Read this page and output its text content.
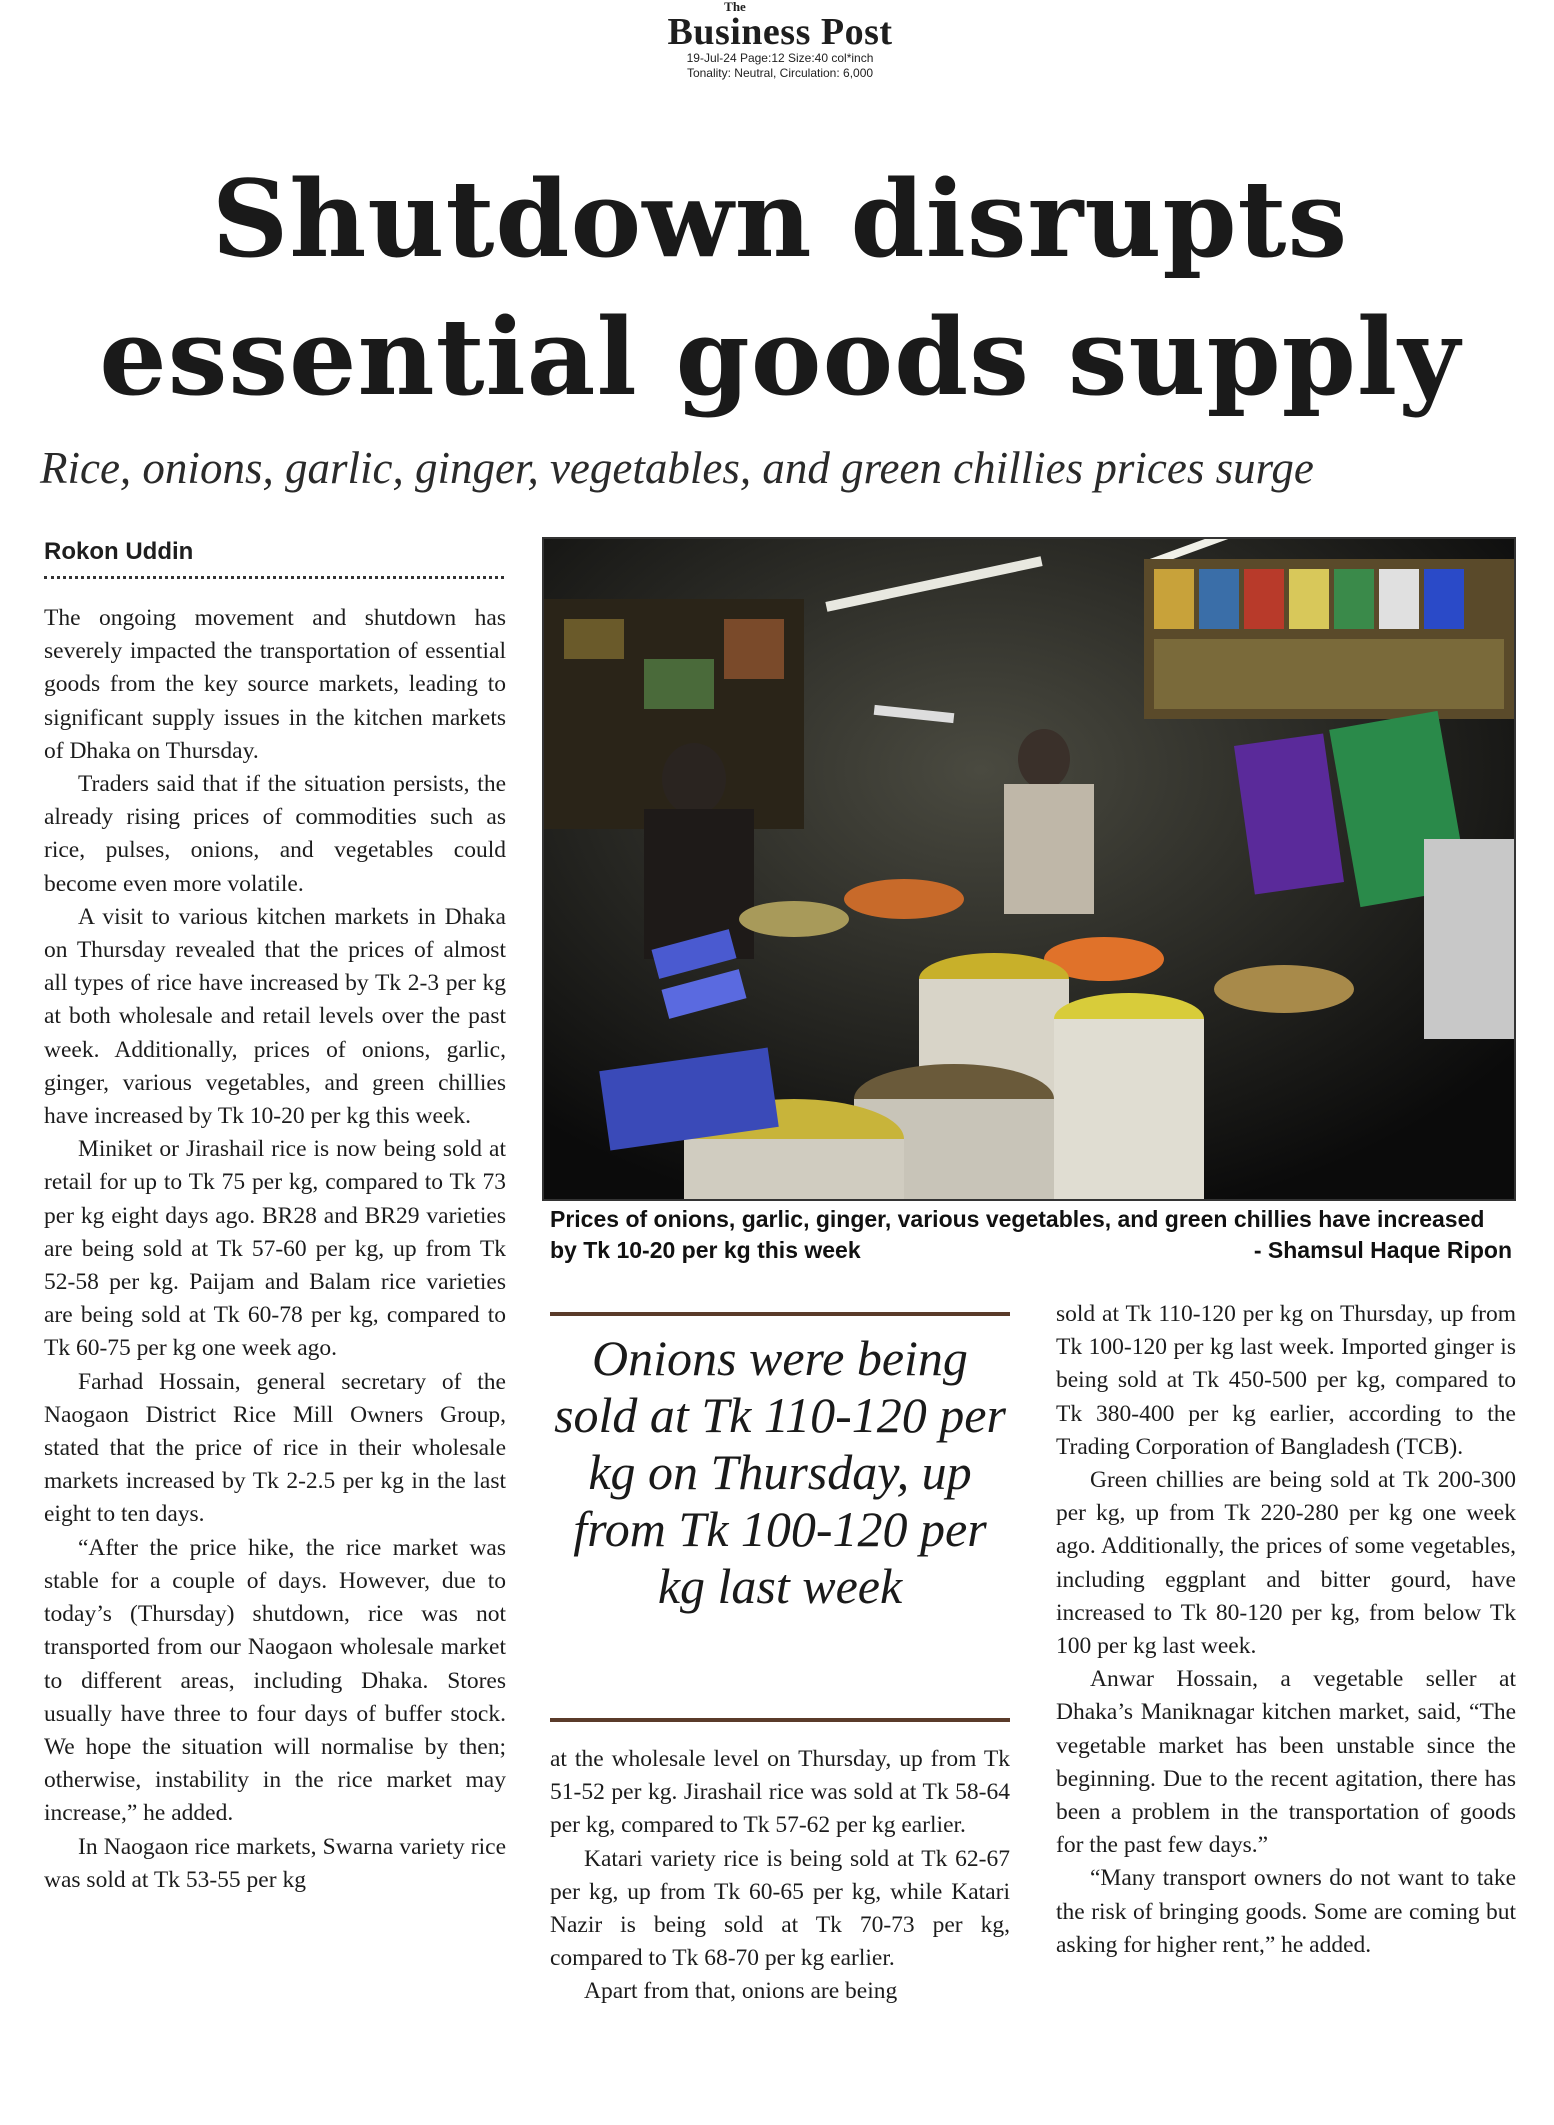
The
Business Post
19-Jul-24 Page:12 Size:40 col*inch
Tonality: Neutral, Circulation: 6,000
Shutdown disrupts
essential goods supply
Rice, onions, garlic, ginger, vegetables, and green chillies prices surge
Rokon Uddin

The ongoing movement and shutdown has severely impacted the transportation of essential goods from the key source markets, leading to significant supply issues in the kitchen markets of Dhaka on Thursday.

Traders said that if the situation persists, the already rising prices of commodities such as rice, pulses, onions, and vegetables could become even more volatile.

A visit to various kitchen markets in Dhaka on Thursday revealed that the prices of almost all types of rice have increased by Tk 2-3 per kg at both wholesale and retail levels over the past week. Additionally, prices of onions, garlic, ginger, various vegetables, and green chillies have increased by Tk 10-20 per kg this week.

Miniket or Jirashail rice is now being sold at retail for up to Tk 75 per kg, compared to Tk 73 per kg eight days ago. BR28 and BR29 varieties are being sold at Tk 57-60 per kg, up from Tk 52-58 per kg. Paijam and Balam rice varieties are being sold at Tk 60-78 per kg, compared to Tk 60-75 per kg one week ago.

Farhad Hossain, general secretary of the Naogaon District Rice Mill Owners Group, stated that the price of rice in their wholesale markets increased by Tk 2-2.5 per kg in the last eight to ten days.

“After the price hike, the rice market was stable for a couple of days. However, due to today’s (Thursday) shutdown, rice was not transported from our Naogaon wholesale market to different areas, including Dhaka. Stores usually have three to four days of buffer stock. We hope the situation will normalise by then; otherwise, instability in the rice market may increase,” he added.

In Naogaon rice markets, Swarna variety rice was sold at Tk 53-55 per kg

Prices of onions, garlic, ginger, various vegetables, and green chillies have increased by Tk 10-20 per kg this week	- Shamsul Haque Ripon
Onions were being sold at Tk 110-120 per kg on Thursday, up from Tk 100-120 per kg last week

at the wholesale level on Thursday, up from Tk 51-52 per kg. Jirashail rice was sold at Tk 58-64 per kg, compared to Tk 57-62 per kg earlier.

Katari variety rice is being sold at Tk 62-67 per kg, up from Tk 60-65 per kg, while Katari Nazir is being sold at Tk 70-73 per kg, compared to Tk 68-70 per kg earlier.

Apart from that, onions are being

sold at Tk 110-120 per kg on Thursday, up from Tk 100-120 per kg last week. Imported ginger is being sold at Tk 450-500 per kg, compared to Tk 380-400 per kg earlier, according to the Trading Corporation of Bangladesh (TCB).

Green chillies are being sold at Tk 200-300 per kg, up from Tk 220-280 per kg one week ago. Additionally, the prices of some vegetables, including eggplant and bitter gourd, have increased to Tk 80-120 per kg, from below Tk 100 per kg last week.

Anwar Hossain, a vegetable seller at Dhaka’s Maniknagar kitchen market, said, “The vegetable market has been unstable since the beginning. Due to the recent agitation, there has been a problem in the transportation of goods for the past few days.”

“Many transport owners do not want to take the risk of bringing goods. Some are coming but asking for higher rent,” he added.
